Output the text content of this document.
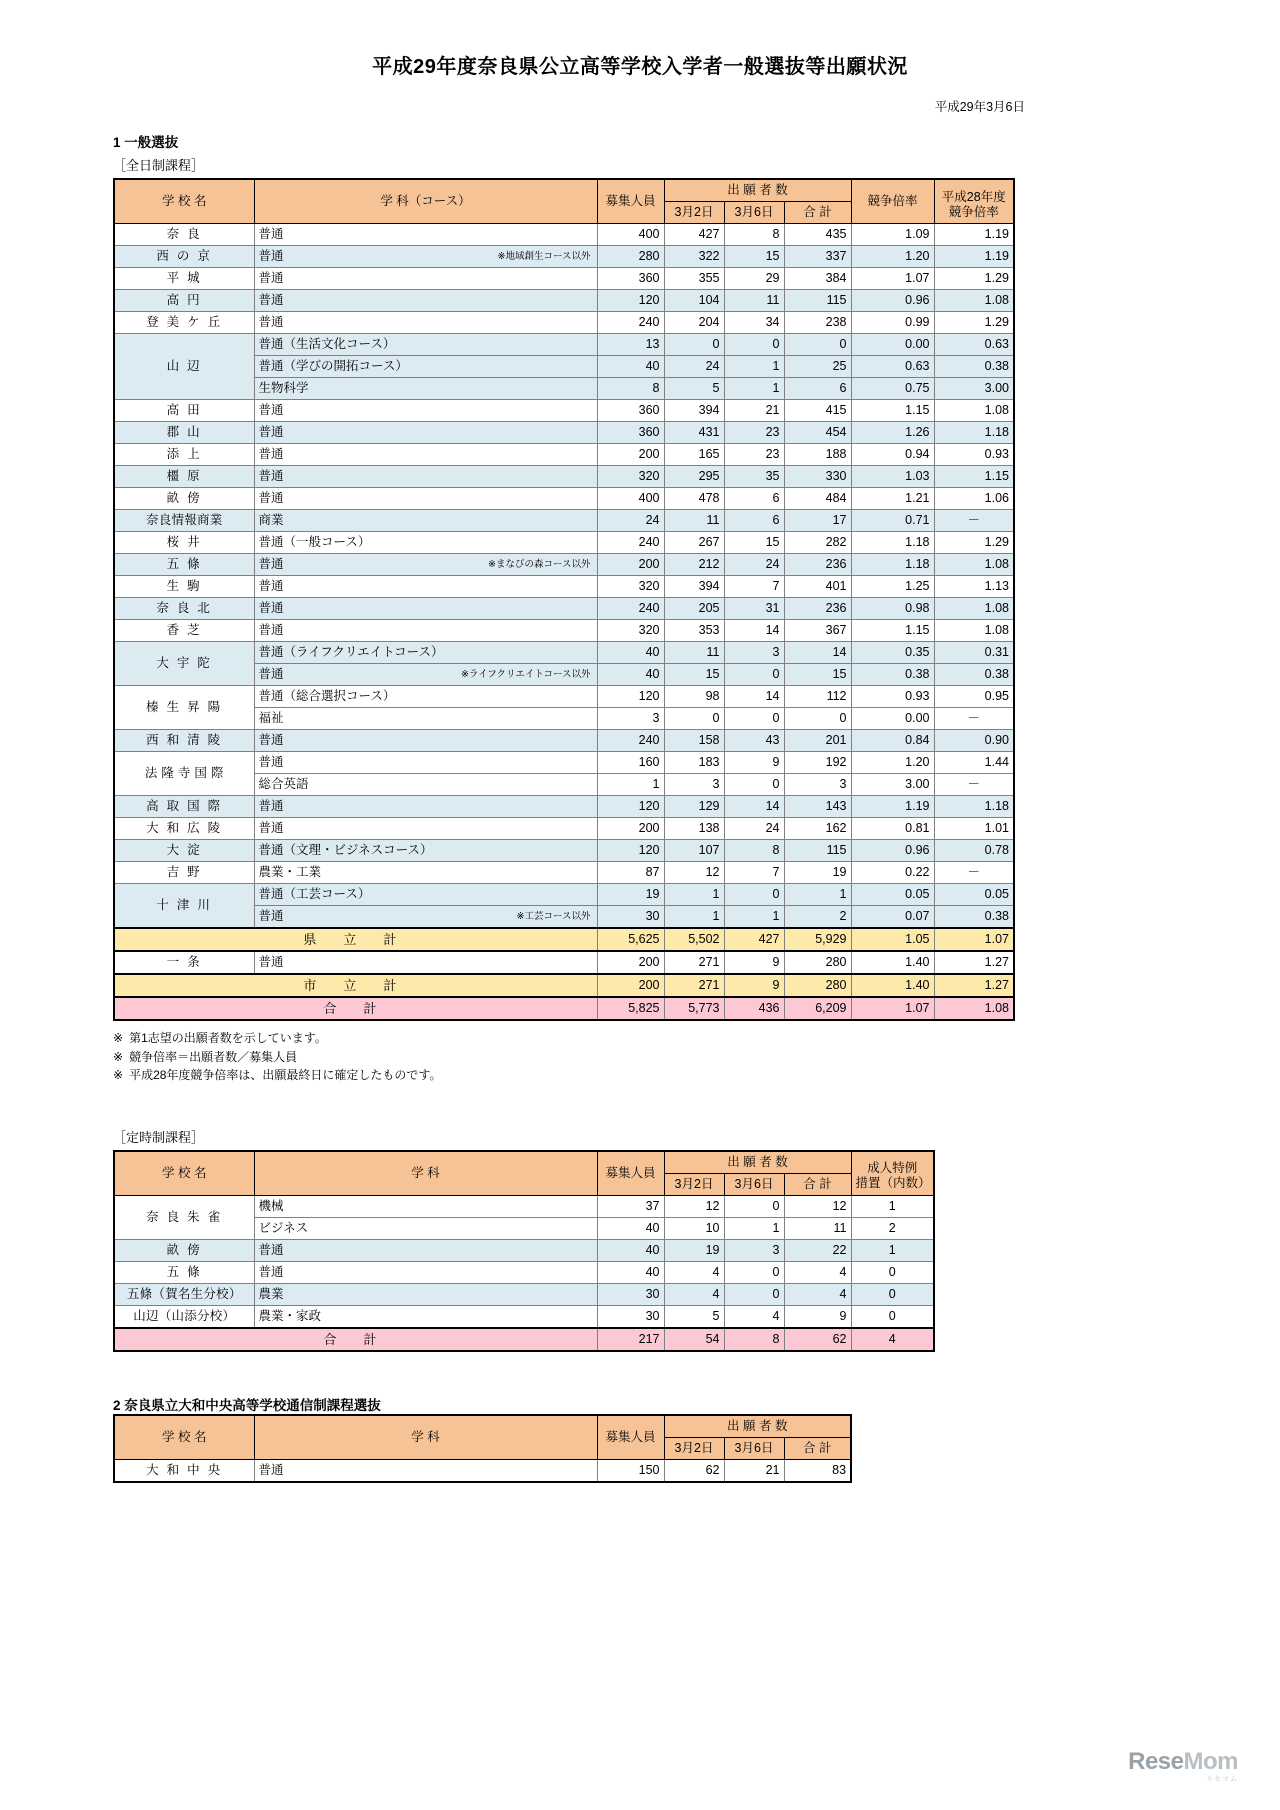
平成29年度奈良県公立高等学校入学者一般選抜等出願状況
平成29年3月6日
1 一般選抜
［全日制課程］
学 校 名	学 科（コース）	募集人員	出 願 者 数			競争倍率	平成28年度
競争倍率

			3月2日	3月6日	合 計		
奈 良	普通	400	427	8	435	1.09	1.19
西 の 京	普通 ※地域創生コース以外	280	322	15	337	1.20	1.19
平 城	普通	360	355	29	384	1.07	1.29
高 円	普通	120	104	11	115	0.96	1.08
登 美 ケ 丘	普通	240	204	34	238	0.99	1.29
山 辺	普通（生活文化コース）	13	0	0	0	0.00	0.63
	普通（学びの開拓コース）	40	24	1	25	0.63	0.38
	生物科学	8	5	1	6	0.75	3.00
高 田	普通	360	394	21	415	1.15	1.08
郡 山	普通	360	431	23	454	1.26	1.18
添 上	普通	200	165	23	188	0.94	0.93
橿 原	普通	320	295	35	330	1.03	1.15
畝 傍	普通	400	478	6	484	1.21	1.06
奈良情報商業	商業	24	11	6	17	0.71	－
桜 井	普通（一般コース）	240	267	15	282	1.18	1.29
五 條	普通 ※まなびの森コース以外	200	212	24	236	1.18	1.08
生 駒	普通	320	394	7	401	1.25	1.13
奈 良 北	普通	240	205	31	236	0.98	1.08
香 芝	普通	320	353	14	367	1.15	1.08
大 宇 陀	普通（ライフクリエイトコース）	40	11	3	14	0.35	0.31
	普通 ※ライフクリエイトコース以外	40	15	0	15	0.38	0.38
榛 生 昇 陽	普通（総合選択コース）	120	98	14	112	0.93	0.95
	福祉	3	0	0	0	0.00	－
西 和 清 陵	普通	240	158	43	201	0.84	0.90
法 隆 寺 国 際	普通	160	183	9	192	1.20	1.44
	総合英語	1	3	0	3	3.00	－
高 取 国 際	普通	120	129	14	143	1.19	1.18
大 和 広 陵	普通	200	138	24	162	0.81	1.01
大 淀	普通（文理・ビジネスコース）	120	107	8	115	0.96	0.78
吉 野	農業・工業	87	12	7	19	0.22	－
十 津 川	普通（工芸コース）	19	1	0	1	0.05	0.05
	普通 ※工芸コース以外	30	1	1	2	0.07	0.38
県 立 計		5,625	5,502	427	5,929	1.05	1.07
一 条	普通	200	271	9	280	1.40	1.27
市 立 計		200	271	9	280	1.40	1.27
合 計		5,825	5,773	436	6,209	1.07	1.08
※ 第1志望の出願者数を示しています。
※ 競争倍率＝出願者数／募集人員
※ 平成28年度競争倍率は、出願最終日に確定したものです。
［定時制課程］
学 校 名	学 科	募集人員	出 願 者 数			成人特例
措置（内数）

			3月2日	3月6日	合 計	
奈 良 朱 雀	機械	37	12	0	12	1
	ビジネス	40	10	1	11	2
畝 傍	普通	40	19	3	22	1
五 條	普通	40	4	0	4	0
五條（賀名生分校）	農業	30	4	0	4	0
山辺（山添分校）	農業・家政	30	5	4	9	0
合 計		217	54	8	62	4
2 奈良県立大和中央高等学校通信制課程選抜
学 校 名	学 科	募集人員	出 願 者 数		
			3月2日	3月6日	合 計
大 和 中 央	普通	150	62	21	83
ReseMom
リセマム
